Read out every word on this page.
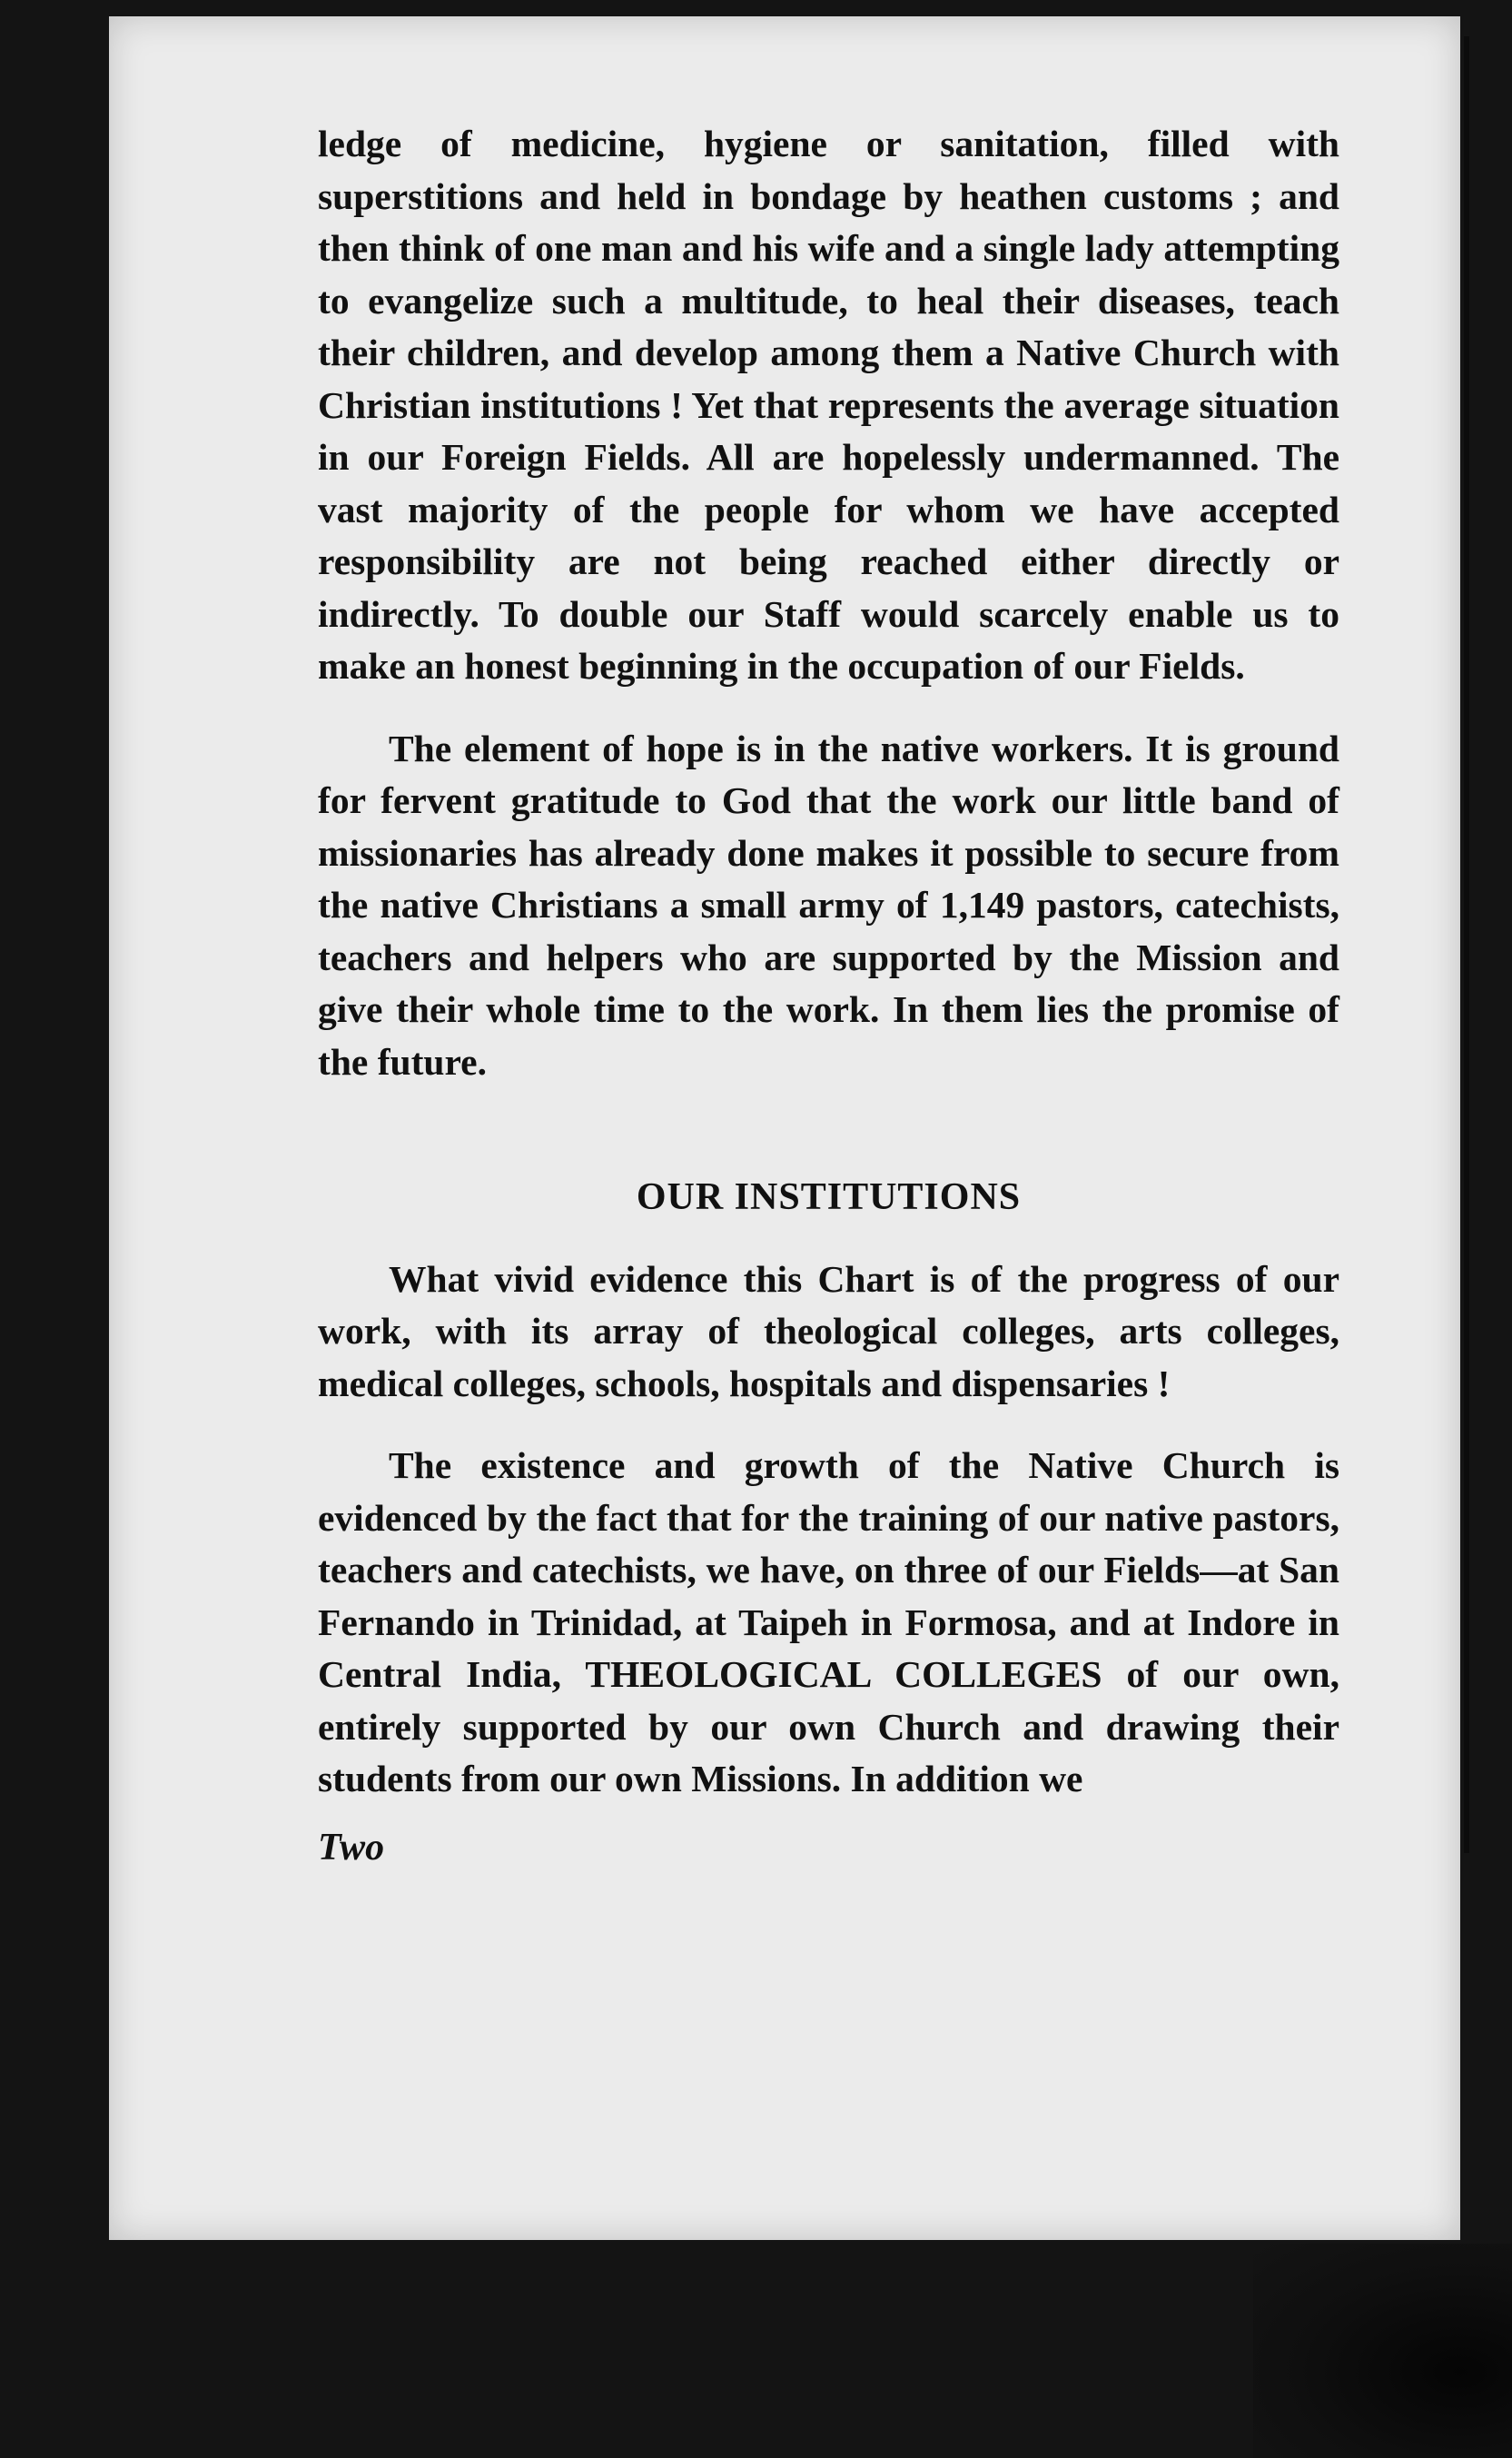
ledge of medicine, hygiene or sanitation, filled with superstitions and held in bondage by heathen customs ; and then think of one man and his wife and a single lady attempting to evangelize such a multitude, to heal their diseases, teach their children, and develop among them a Native Church with Christian institutions ! Yet that represents the average situation in our Foreign Fields. All are hopelessly undermanned. The vast majority of the people for whom we have accepted responsibility are not being reached either directly or indirectly. To double our Staff would scarcely enable us to make an honest beginning in the occupation of our Fields.

The element of hope is in the native workers. It is ground for fervent gratitude to God that the work our little band of missionaries has already done makes it possible to secure from the native Christians a small army of 1,149 pastors, catechists, teachers and helpers who are supported by the Mission and give their whole time to the work. In them lies the promise of the future.

OUR INSTITUTIONS

What vivid evidence this Chart is of the progress of our work, with its array of theological colleges, arts colleges, medical colleges, schools, hospitals and dispensaries !

The existence and growth of the Native Church is evidenced by the fact that for the training of our native pastors, teachers and catechists, we have, on three of our Fields—at San Fernando in Trinidad, at Taipeh in Formosa, and at Indore in Central India, THEOLOGICAL COLLEGES of our own, entirely supported by our own Church and drawing their students from our own Missions. In addition we

Two
